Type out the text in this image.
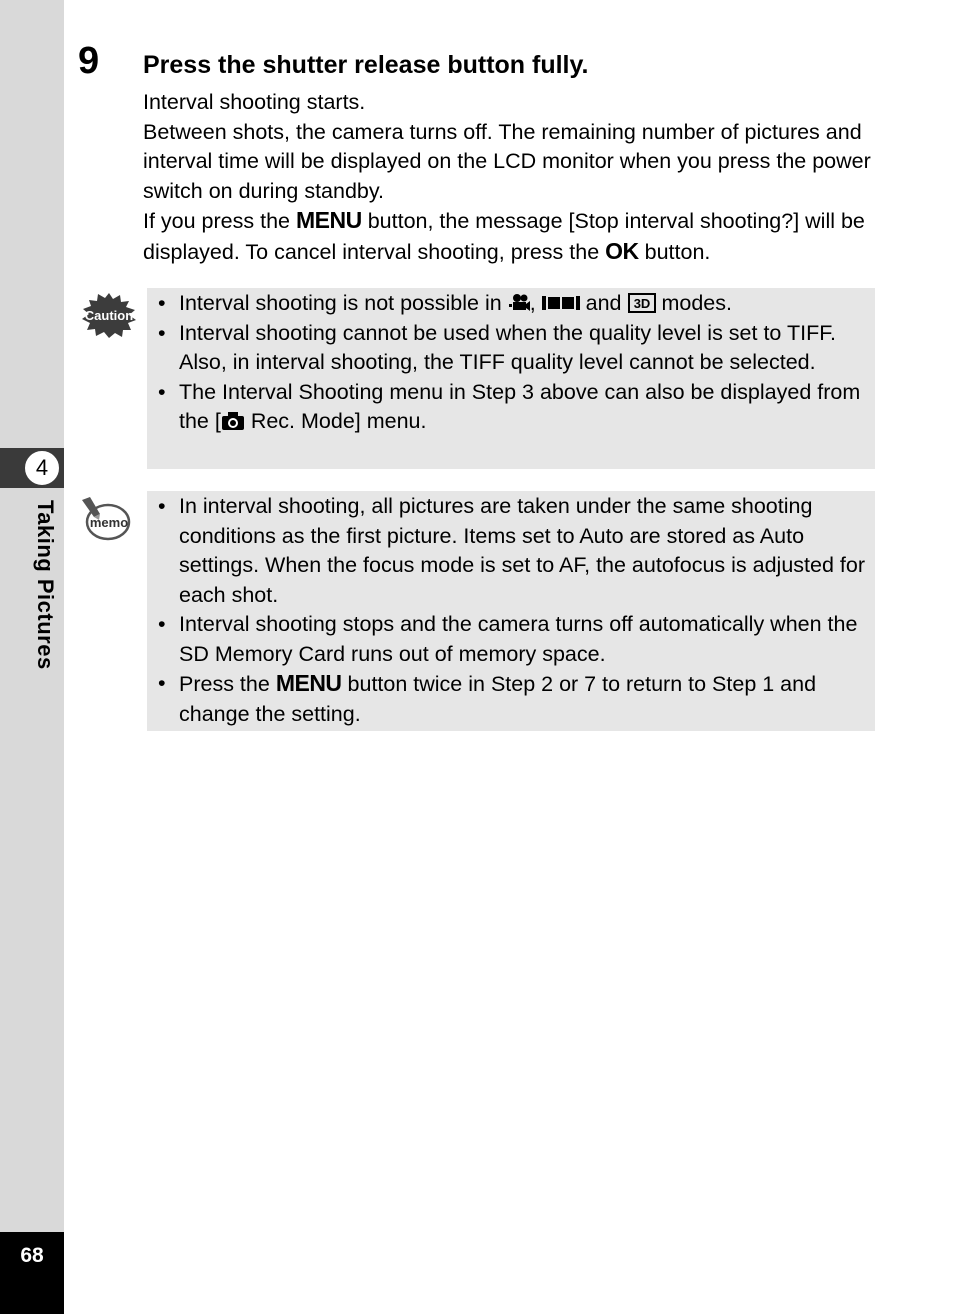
4
Taking Pictures
68
9 Press the shutter release button fully.

Interval shooting starts.

Between shots, the camera turns off. The remaining number of pictures and interval time will be displayed on the LCD monitor when you press the power switch on during standby.

If you press the MENU button, the message [Stop interval shooting?] will be displayed. To cancel interval shooting, press the OK button.

Caution
• Interval shooting is not possible in , and 3D modes.
• Interval shooting cannot be used when the quality level is set to TIFF. Also, in interval shooting, the TIFF quality level cannot be selected.
• The Interval Shooting menu in Step 3 above can also be displayed from the [ Rec. Mode] menu.
memo
• In interval shooting, all pictures are taken under the same shooting conditions as the first picture. Items set to Auto are stored as Auto settings. When the focus mode is set to AF, the autofocus is adjusted for each shot.
• Interval shooting stops and the camera turns off automatically when the SD Memory Card runs out of memory space.
• Press the MENU button twice in Step 2 or 7 to return to Step 1 and change the setting.
